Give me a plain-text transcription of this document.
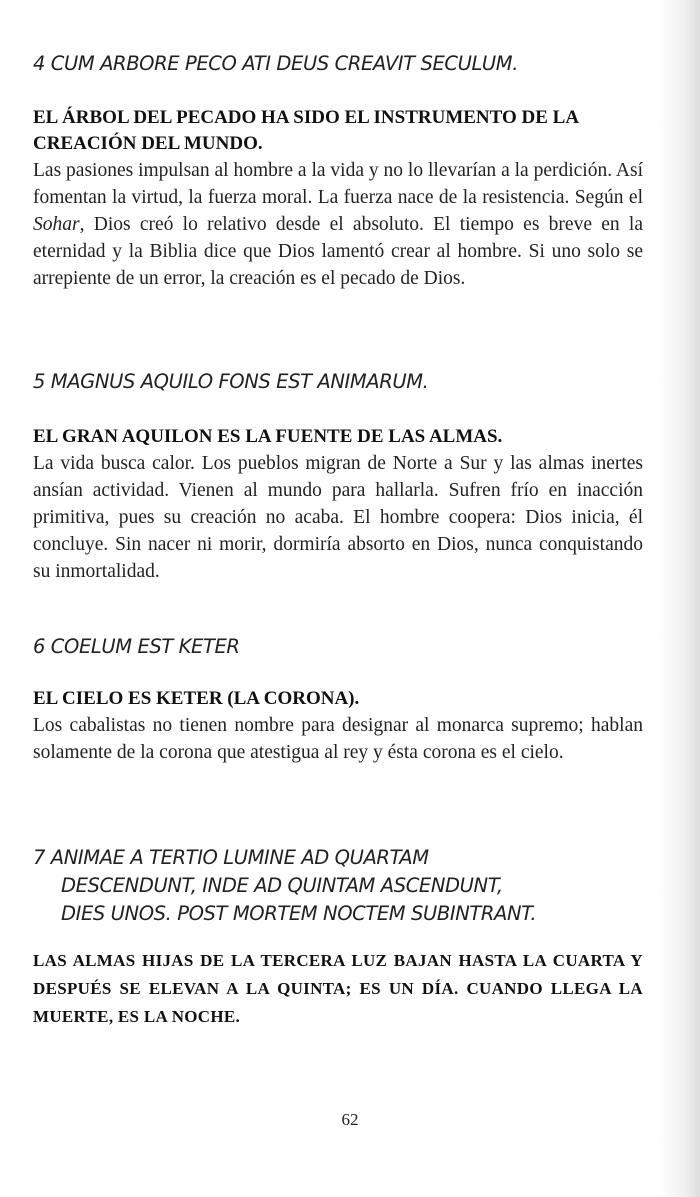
4 CUM ARBORE PECO ATI DEUS CREAVIT SECULUM.

EL ÁRBOL DEL PECADO HA SIDO EL INSTRUMENTO DE LA CREACIÓN DEL MUNDO.

Las pasiones impulsan al hombre a la vida y no lo llevarían a la perdición. Así fomentan la virtud, la fuerza moral. La fuerza nace de la resistencia. Según el Sohar, Dios creó lo relativo desde el absoluto. El tiempo es breve en la eternidad y la Biblia dice que Dios lamentó crear al hombre. Si uno solo se arrepiente de un error, la creación es el pecado de Dios.

5 MAGNUS AQUILO FONS EST ANIMARUM.

EL GRAN AQUILON ES LA FUENTE DE LAS ALMAS.

La vida busca calor. Los pueblos migran de Norte a Sur y las almas inertes ansían actividad. Vienen al mundo para hallarla. Sufren frío en inacción primitiva, pues su creación no acaba. El hombre coopera: Dios inicia, él concluye. Sin nacer ni morir, dormiría absorto en Dios, nunca conquistando su inmortalidad.

6 COELUM EST KETER

EL CIELO ES KETER (LA CORONA).

Los cabalistas no tienen nombre para designar al monarca supremo; hablan solamente de la corona que atestigua al rey y ésta corona es el cielo.

7 ANIMAE A TERTIO LUMINE AD QUARTAM
DESCENDUNT, INDE AD QUINTAM ASCENDUNT,
DIES UNOS. POST MORTEM NOCTEM SUBINTRANT.

LAS ALMAS HIJAS DE LA TERCERA LUZ BAJAN HASTA LA CUARTA Y DESPUÉS SE ELEVAN A LA QUINTA; ES UN DÍA. CUANDO LLEGA LA MUERTE, ES LA NOCHE.

62
